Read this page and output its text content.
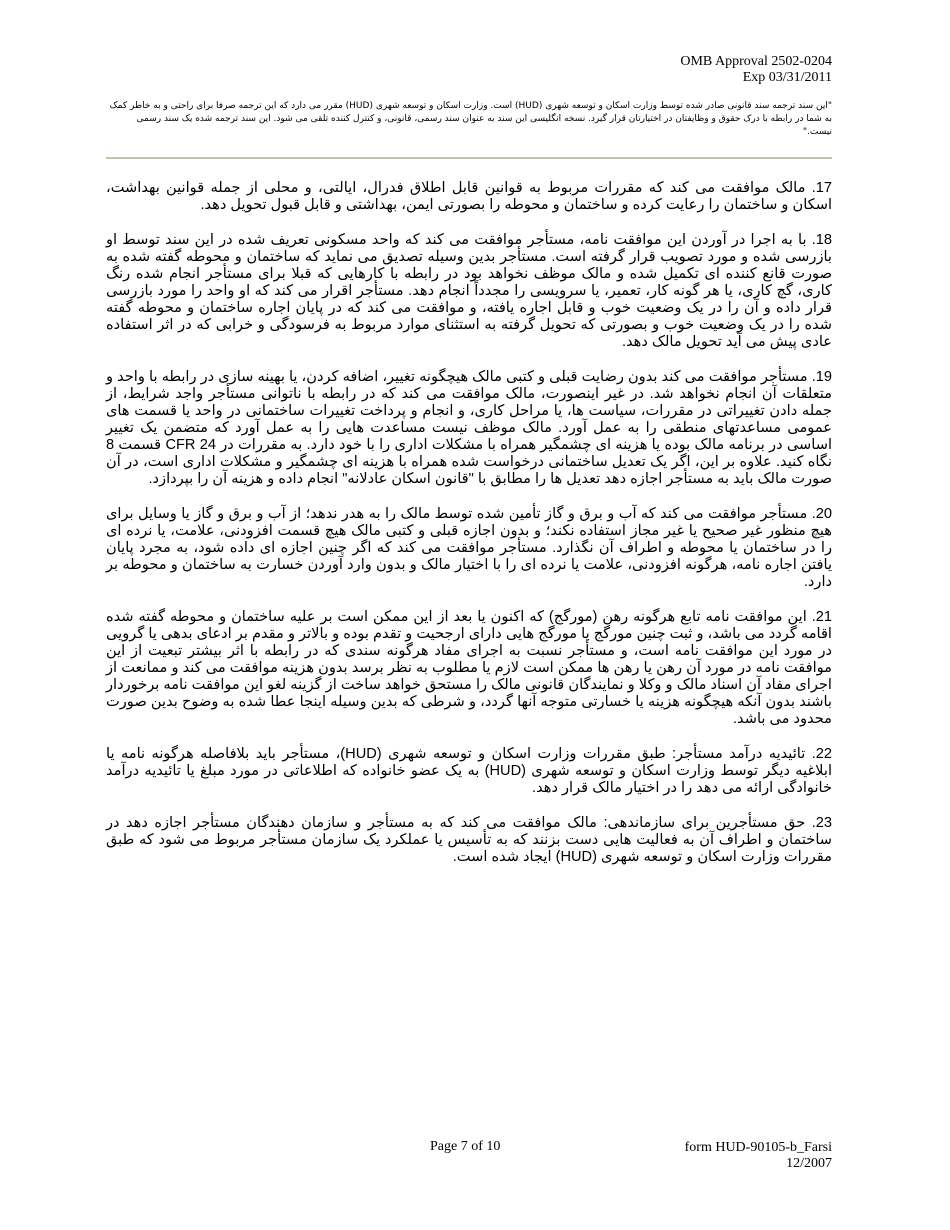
OMB Approval 2502-0204
Exp 03/31/2011
"این سند ترجمه سند قانونی صادر شده توسط وزارت اسکان و توسعه شهری (HUD) است. وزارت اسکان و توسعه شهری (HUD) مقرر می دارد که این ترجمه صرفا برای راحتی و به خاطر کمک به شما در رابطه با درک حقوق و وظایفتان در اختیارتان قرار گیرد. نسخه انگلیسی این سند به عنوان سند رسمی، قانونی، و کنترل کننده تلقی می شود. این سند ترجمه شده یک سند رسمی نیست."

17. مالک موافقت می کند که مقررات مربوط به قوانین قابل اطلاق فدرال، ایالتی، و محلی از جمله قوانین بهداشت، اسکان و ساختمان را رعایت کرده و ساختمان و محوطه را بصورتی ایمن، بهداشتی و قابل قبول تحویل دهد.

18. با به اجرا در آوردن این موافقت نامه، مستأجر موافقت می کند که واحد مسکونی تعریف شده در این سند توسط او بازرسی شده و مورد تصویب قرار گرفته است. مستأجر بدین وسیله تصدیق می نماید که ساختمان و محوطه گفته شده به صورت قانع کننده ای تکمیل شده و مالک موظف نخواهد بود در رابطه با کارهایی که قبلا برای مستأجر انجام شده رنگ کاری، گچ کاری، یا هر گونه کار، تعمیر، یا سرویسی را مجدداً انجام دهد. مستأجر اقرار می کند که او واحد را مورد بازرسی قرار داده و آن را در یک وضعیت خوب و قابل اجاره یافته، و موافقت می کند که در پایان اجاره ساختمان و محوطه گفته شده را در یک وضعیت خوب و بصورتی که تحویل گرفته به استثنای موارد مربوط به فرسودگی و خرابی که در اثر استفاده عادی پیش می آید تحویل مالک دهد.

19. مستأجر موافقت می کند بدون رضایت قبلی و کتبی مالک هیچگونه تغییر، اضافه کردن، یا بهینه سازی در رابطه با واحد و متعلقات آن انجام نخواهد شد. در غیر اینصورت، مالک موافقت می کند که در رابطه با ناتوانی مستأجر واجد شرایط، از جمله دادن تغییراتی در مقررات، سیاست ها، یا مراحل کاری، و انجام و پرداخت تغییرات ساختمانی در واحد یا قسمت های عمومی مساعدتهای منطقی را به عمل آورد. مالک موظف نیست مساعدت هایی را به عمل آورد که متضمن یک تغییر اساسی در برنامه مالک بوده یا هزینه ای چشمگیر همراه با مشکلات اداری را با خود دارد. به مقررات در 24 CFR قسمت 8 نگاه کنید. علاوه بر این، اگر یک تعدیل ساختمانی درخواست شده همراه با هزینه ای چشمگیر و مشکلات اداری است، در آن صورت مالک باید به مستأجر اجازه دهد تعدیل ها را مطابق با "قانون اسکان عادلانه" انجام داده و هزینه آن را بپردازد.

20. مستأجر موافقت می کند که آب و برق و گاز تأمین شده توسط مالک را به هدر ندهد؛ از آب و برق و گاز یا وسایل برای هیچ منظور غیر صحیح یا غیر مجاز استفاده نکند؛ و بدون اجازه قبلی و کتبی مالک هیچ قسمت افزودنی، علامت، یا نرده ای را در ساختمان یا محوطه و اطراف آن نگذارد. مستأجر موافقت می کند که اگر چنین اجازه ای داده شود، به مجرد پایان یافتن اجاره نامه، هرگونه افزودنی، علامت یا نرده ای را با اختیار مالک و بدون وارد آوردن خسارت به ساختمان و محوطه بر دارد.

21. این موافقت نامه تابع هرگونه رهن (مورگج) که اکنون یا بعد از این ممکن است بر علیه ساختمان و محوطه گفته شده اقامه گردد می باشد، و ثبت چنین مورگج یا مورگج هایی دارای ارجحیت و تقدم بوده و بالاتر و مقدم بر ادعای بدهی یا گرویی در مورد این موافقت نامه است، و مستأجر نسبت به اجرای مفاد هرگونه سندی که در رابطه با اثر بیشتر تبعیت از این موافقت نامه در مورد آن رهن یا رهن ها ممکن است لازم یا مطلوب به نظر برسد بدون هزینه موافقت می کند و ممانعت از اجرای مفاد آن اسناد مالک و وکلا و نمایندگان قانونی مالک را مستحق خواهد ساخت از گزینه لغو این موافقت نامه برخوردار باشند بدون آنکه هیچگونه هزینه یا خسارتی متوجه آنها گردد، و شرطی که بدین وسیله اینجا عطا شده به وضوح بدین صورت محدود می باشد.

22. تائیدیه درآمد مستأجر: طبق مقررات وزارت اسکان و توسعه شهری (HUD)، مستأجر باید بلافاصله هرگونه نامه یا ابلاغیه دیگر توسط وزارت اسکان و توسعه شهری (HUD) به یک عضو خانواده که اطلاعاتی در مورد مبلغ یا تائیدیه درآمد خانوادگی ارائه می دهد را در اختیار مالک قرار دهد.

23. حق مستأجرین برای سازماندهی: مالک موافقت می کند که به مستأجر و سازمان دهندگان مستأجر اجازه دهد در ساختمان و اطراف آن به فعالیت هایی دست بزنند که به تأسیس یا عملکرد یک سازمان مستأجر مربوط می شود که طبق مقررات وزارت اسکان و توسعه شهری (HUD) ایجاد شده است.

Page 7 of 10	form HUD-90105-b_Farsi
12/2007
